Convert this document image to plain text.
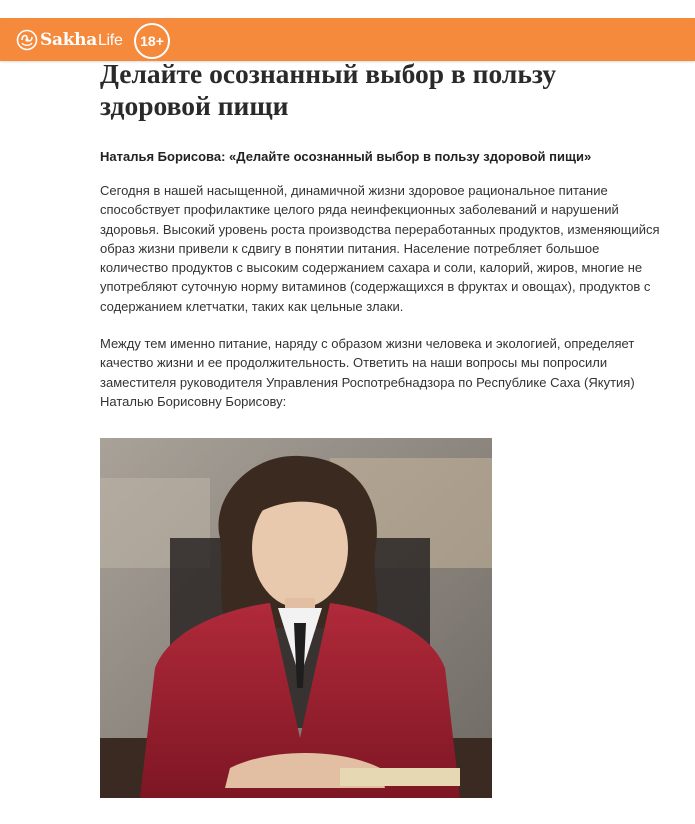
SakhaLife	18+
Делайте осознанный выбор в пользу здоровой пищи

Наталья Борисова: «Делайте осознанный выбор в пользу здоровой пищи»

Сегодня в нашей насыщенной, динамичной жизни здоровое рациональное питание способствует профилактике целого ряда неинфекционных заболеваний и нарушений здоровья. Высокий уровень роста производства переработанных продуктов, изменяющийся образ жизни привели к сдвигу в понятии питания. Население потребляет большое количество продуктов с высоким содержанием сахара и соли, калорий, жиров, многие не употребляют суточную норму витаминов (содержащихся в фруктах и овощах), продуктов с содержанием клетчатки, таких как цельные злаки.

Между тем именно питание, наряду с образом жизни человека и экологией, определяет качество жизни и ее продолжительность. Ответить на наши вопросы мы попросили заместителя руководителя Управления Роспотребнадзора по Республике Саха (Якутия) Наталью Борисовну Борисову:
